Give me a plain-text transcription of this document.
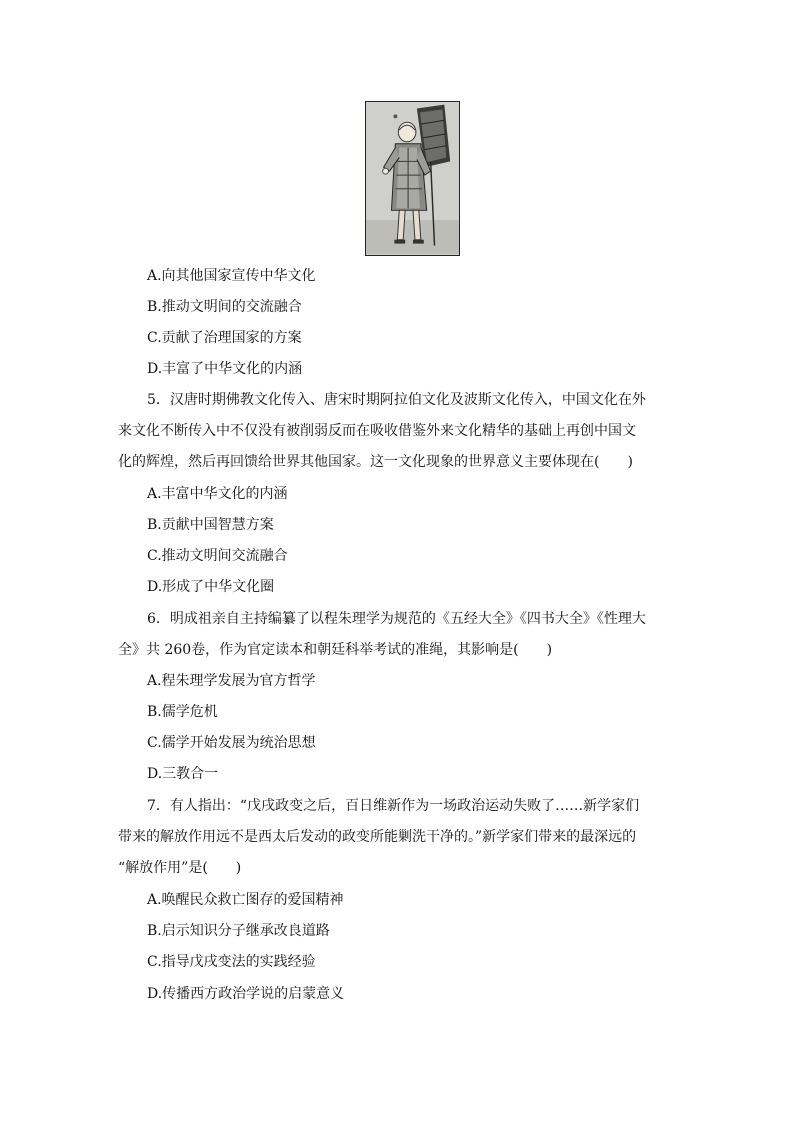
A.向其他国家宣传中华文化
B.推动文明间的交流融合
C.贡献了治理国家的方案
D.丰富了中华文化的内涵
5．汉唐时期佛教文化传入、唐宋时期阿拉伯文化及波斯文化传入，中国文化在外
来文化不断传入中不仅没有被削弱反而在吸收借鉴外来文化精华的基础上再创中国文
化的辉煌，然后再回馈给世界其他国家。这一文化现象的世界意义主要体现在(　　)
A.丰富中华文化的内涵
B.贡献中国智慧方案
C.推动文明间交流融合
D.形成了中华文化圈
6．明成祖亲自主持编纂了以程朱理学为规范的《五经大全》《四书大全》《性理大
全》共 260卷，作为官定读本和朝廷科举考试的准绳，其影响是(　　)
A.程朱理学发展为官方哲学
B.儒学危机
C.儒学开始发展为统治思想
D.三教合一
7．有人指出：“戊戌政变之后，百日维新作为一场政治运动失败了……新学家们
带来的解放作用远不是西太后发动的政变所能剿洗干净的。”新学家们带来的最深远的
“解放作用”是(　　)
A.唤醒民众救亡图存的爱国精神
B.启示知识分子继承改良道路
C.指导戊戌变法的实践经验
D.传播西方政治学说的启蒙意义
